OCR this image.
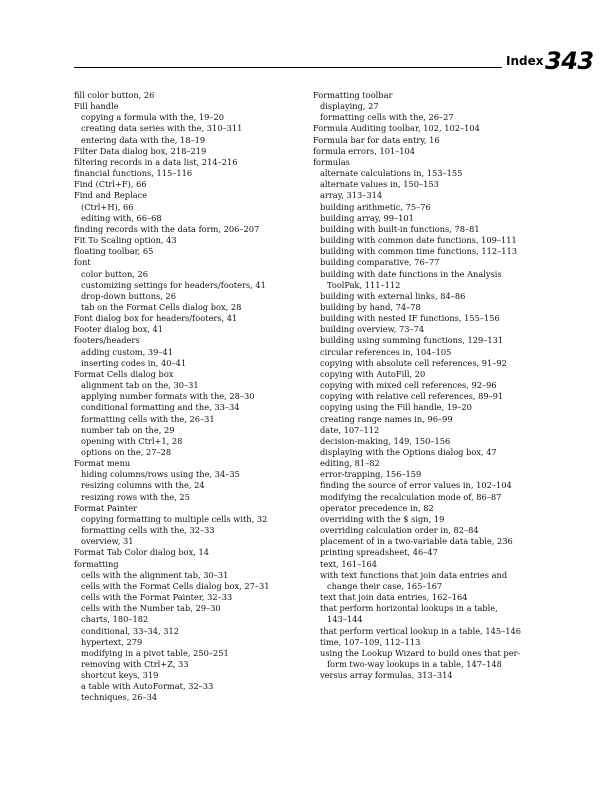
Index 343
fill color button, 26
Fill handle
copying a formula with the, 19–20
creating data series with the, 310–311
entering data with the, 18–19
Filter Data dialog box, 218–219
filtering records in a data list, 214–216
financial functions, 115–116
Find (Ctrl+F), 66
Find and Replace
(Ctrl+H), 66
editing with, 66–68
finding records with the data form, 206–207
Fit To Scaling option, 43
floating toolbar, 65
font
color button, 26
customizing settings for headers/footers, 41
drop-down buttons, 26
tab on the Format Cells dialog box, 28
Font dialog box for headers/footers, 41
Footer dialog box, 41
footers/headers
adding custom, 39–41
inserting codes in, 40–41
Format Cells dialog box
alignment tab on the, 30–31
applying number formats with the, 28–30
conditional formatting and the, 33–34
formatting cells with the, 26–31
number tab on the, 29
opening with Ctrl+1, 28
options on the, 27–28
Format menu
hiding columns/rows using the, 34–35
resizing columns with the, 24
resizing rows with the, 25
Format Painter
copying formatting to multiple cells with, 32
formatting cells with the, 32–33
overview, 31
Format Tab Color dialog box, 14
formatting
cells with the alignment tab, 30–31
cells with the Format Cells dialog box, 27–31
cells with the Format Painter, 32–33
cells with the Number tab, 29–30
charts, 180–182
conditional, 33–34, 312
hypertext, 279
modifying in a pivot table, 250–251
removing with Ctrl+Z, 33
shortcut keys, 319
a table with AutoFormat, 32–33
techniques, 26–34
Formatting toolbar
displaying, 27
formatting cells with the, 26–27
Formula Auditing toolbar, 102, 102–104
Formula bar for data entry, 16
formula errors, 101–104
formulas
alternate calculations in, 153–155
alternate values in, 150–153
array, 313–314
building arithmetic, 75–76
building array, 99–101
building with built-in functions, 78–81
building with common date functions, 109–111
building with common time functions, 112–113
building comparative, 76–77
building with date functions in the Analysis
ToolPak, 111–112
building with external links, 84–86
building by hand, 74–78
building with nested IF functions, 155–156
building overview, 73–74
building using summing functions, 129–131
circular references in, 104–105
copying with absolute cell references, 91–92
copying with AutoFill, 20
copying with mixed cell references, 92–96
copying with relative cell references, 89–91
copying using the Fill handle, 19–20
creating range names in, 96–99
date, 107–112
decision-making, 149, 150–156
displaying with the Options dialog box, 47
editing, 81–82
error-trapping, 156–159
finding the source of error values in, 102–104
modifying the recalculation mode of, 86–87
operator precedence in, 82
overriding with the $ sign, 19
overriding calculation order in, 82–84
placement of in a two-variable data table, 236
printing spreadsheet, 46–47
text, 161–164
with text functions that join data entries and
change their case, 165–167
text that join data entries, 162–164
that perform horizontal lookups in a table,
143–144
that perform vertical lookup in a table, 145–146
time, 107–109, 112–113
using the Lookup Wizard to build ones that per-
form two-way lookups in a table, 147–148
versus array formulas, 313–314
